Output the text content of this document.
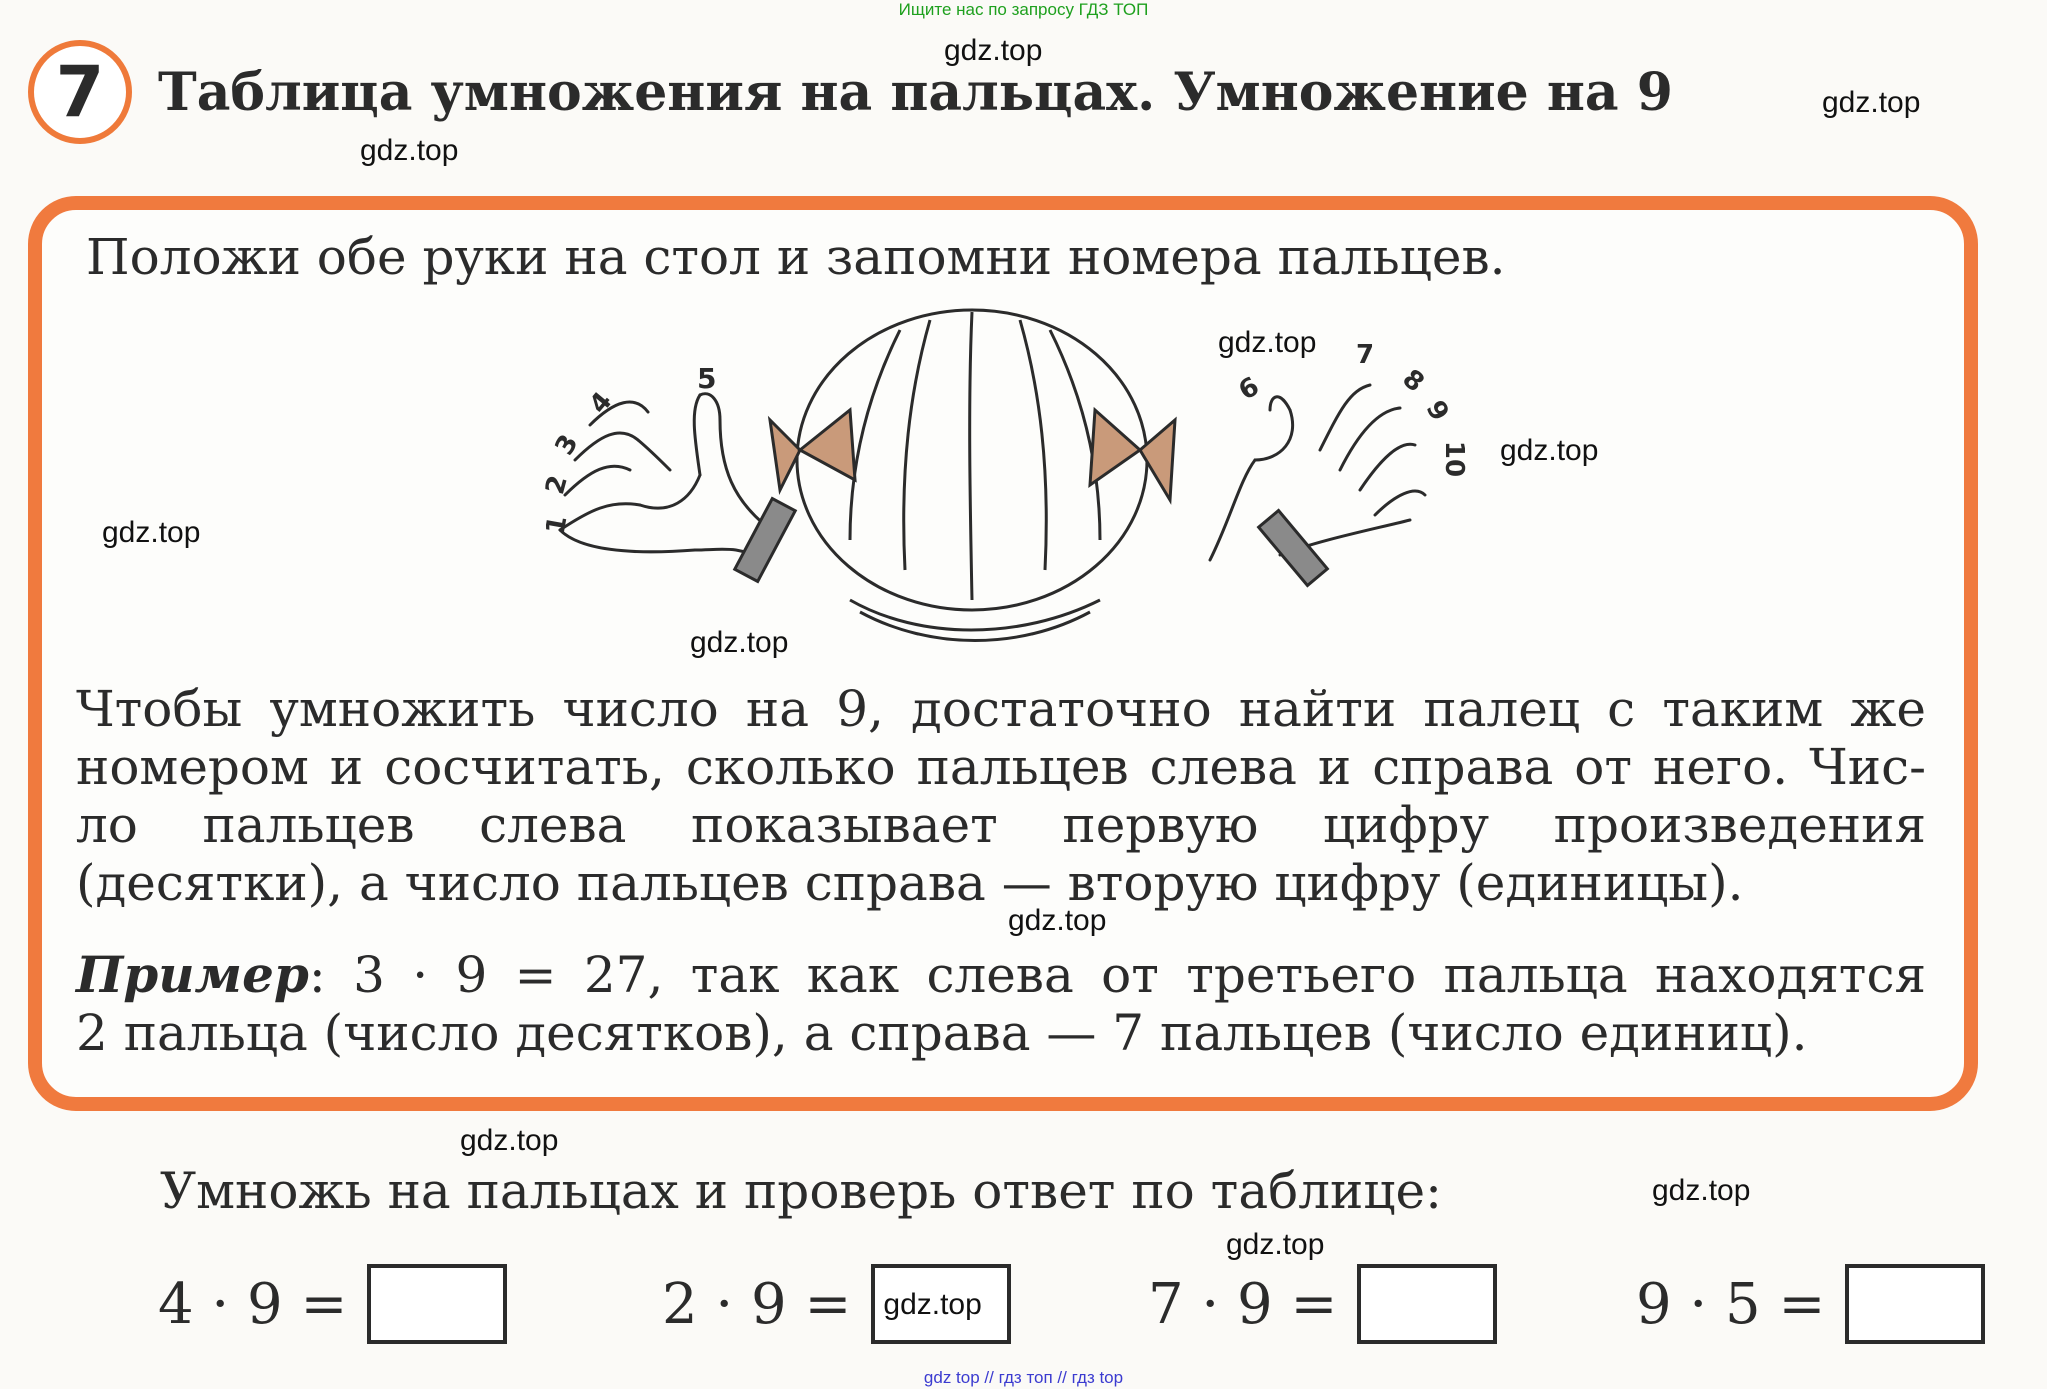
Ищите нас по запросу ГДЗ ТОП
7 Таблица умножения на пальцах. Умножение на 9
Положи обе руки на стол и запомни номера пальцев.
1
2
3
4
5	6
7
8
9
10
Чтобы умножить число на 9, достаточно найти палец с таким же
номером и сосчитать, сколько пальцев слева и справа от него. Чис-
ло пальцев слева показывает первую цифру произведения
(десятки), а число пальцев справа — вторую цифру (единицы).
Пример: 3 · 9 = 27, так как слева от третьего пальца находятся
2 пальца (число десятков), а справа — 7 пальцев (число единиц).
Умножь на пальцах и проверь ответ по таблице:
4 · 9 =	2 · 9 = gdz.top	7 · 9 =	9 · 5 =
gdz.top
gdz.top
gdz.top
gdz.top
gdz.top
gdz.top
gdz.top
gdz.top
gdz.top
gdz.top
gdz.top
gdz top // гдз топ // гдз top
